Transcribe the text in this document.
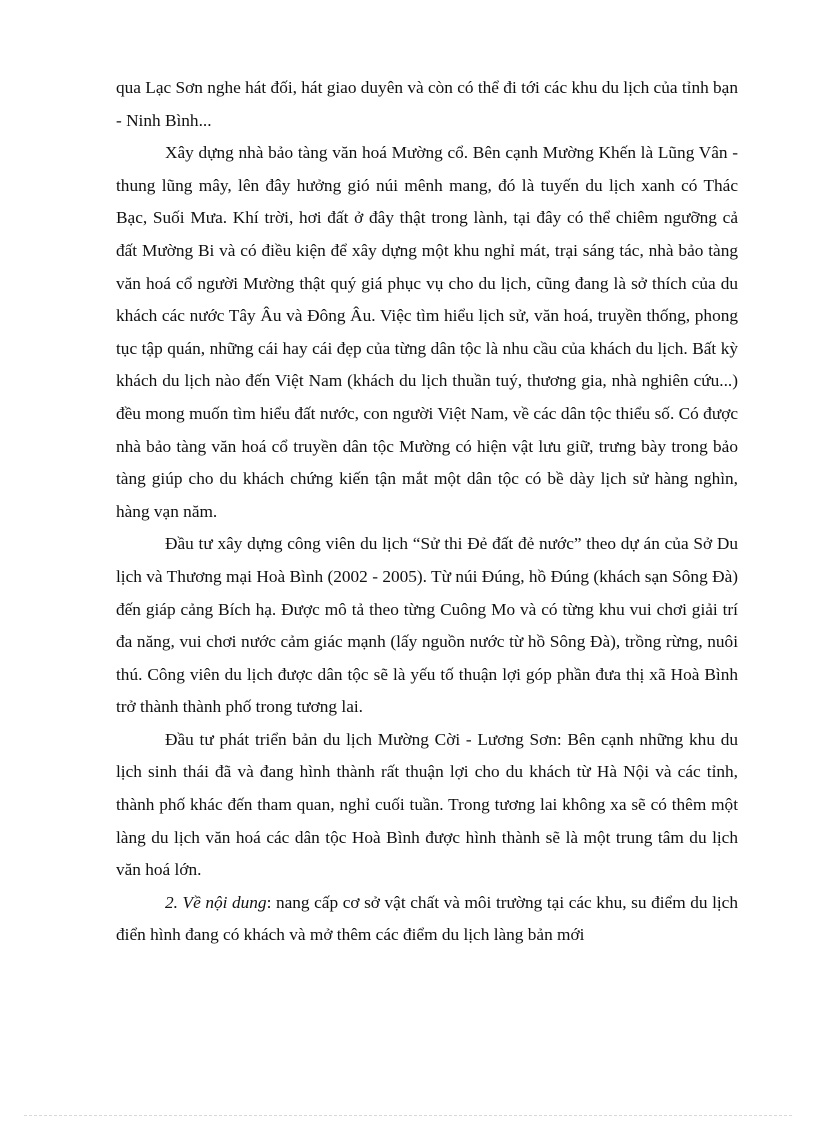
qua Lạc Sơn nghe hát đối, hát giao duyên và còn có thể đi tới các khu du lịch của tỉnh bạn - Ninh Bình...

Xây dựng nhà bảo tàng văn hoá Mường cổ. Bên cạnh Mường Khến là Lũng Vân - thung lũng mây, lên đây hưởng gió núi mênh mang, đó là tuyến du lịch xanh có Thác Bạc, Suối Mưa. Khí trời, hơi đất ở đây thật trong lành, tại đây có thể chiêm ngưỡng cả đất Mường Bi và có điều kiện để xây dựng một khu nghỉ mát, trại sáng tác, nhà bảo tàng văn hoá cổ người Mường thật quý giá phục vụ cho du lịch, cũng đang là sở thích của du khách các nước Tây Âu và Đông Âu. Việc tìm hiểu lịch sử, văn hoá, truyền thống, phong tục tập quán, những cái hay cái đẹp của từng dân tộc là nhu cầu của khách du lịch. Bất kỳ khách du lịch nào đến Việt Nam (khách du lịch thuần tuý, thương gia, nhà nghiên cứu...) đều mong muốn tìm hiểu đất nước, con người Việt Nam, về các dân tộc thiểu số. Có được nhà bảo tàng văn hoá cổ truyền dân tộc Mường có hiện vật lưu giữ, trưng bày trong bảo tàng giúp cho du khách chứng kiến tận mắt một dân tộc có bề dày lịch sử hàng nghìn, hàng vạn năm.

Đầu tư xây dựng công viên du lịch “Sử thi Đẻ đất đẻ nước” theo dự án của Sở Du lịch và Thương mại Hoà Bình (2002 - 2005). Từ núi Đúng, hồ Đúng (khách sạn Sông Đà) đến giáp cảng Bích hạ. Được mô tả theo từng Cuông Mo và có từng khu vui chơi giải trí đa năng, vui chơi nước cảm giác mạnh (lấy nguồn nước từ hồ Sông Đà), trồng rừng, nuôi thú. Công viên du lịch được dân tộc sẽ là yếu tố thuận lợi góp phần đưa thị xã Hoà Bình trở thành thành phố trong tương lai.

Đầu tư phát triển bản du lịch Mường Cời - Lương Sơn: Bên cạnh những khu du lịch sinh thái đã và đang hình thành rất thuận lợi cho du khách từ Hà Nội và các tỉnh, thành phố khác đến tham quan, nghỉ cuối tuần. Trong tương lai không xa sẽ có thêm một làng du lịch văn hoá các dân tộc Hoà Bình được hình thành sẽ là một trung tâm du lịch văn hoá lớn.

2. Về nội dung: nang cấp cơ sở vật chất và môi trường tại các khu, su điểm du lịch điển hình đang có khách và mở thêm các điểm du lịch làng bản mới
